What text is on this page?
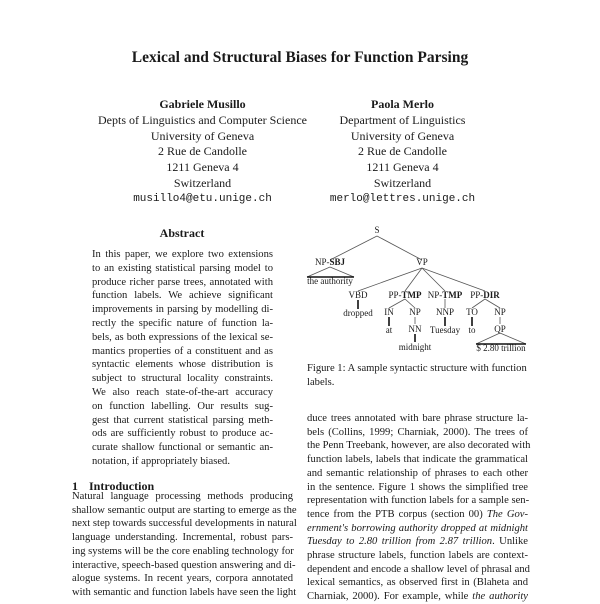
Lexical and Structural Biases for Function Parsing
Gabriele Musillo
Depts of Linguistics and Computer Science
University of Geneva
2 Rue de Candolle
1211 Geneva 4
Switzerland
musillo4@etu.unige.ch
Paola Merlo
Department of Linguistics
University of Geneva
2 Rue de Candolle
1211 Geneva 4
Switzerland
merlo@lettres.unige.ch
Abstract
In this paper, we explore two extensions
to an existing statistical parsing model to
produce richer parse trees, annotated with
function labels. We achieve significant
improvements in parsing by modelling di-
rectly the specific nature of function la-
bels, as both expressions of the lexical se-
mantics properties of a constituent and as
syntactic elements whose distribution is
subject to structural locality constraints.
We also reach state-of-the-art accuracy
on function labelling. Our results sug-
gest that current statistical parsing meth-
ods are sufficiently robust to produce ac-
curate shallow functional or semantic an-
notation, if appropriately biased.
1 Introduction
Natural language processing methods producing
shallow semantic output are starting to emerge as the
next step towards successful developments in natural
language understanding. Incremental, robust pars-
ing systems will be the core enabling technology for
interactive, speech-based question answering and di-
alogue systems. In recent years, corpora annotated
with semantic and function labels have seen the light
S
NP-SBJ
the authority
VP
VBD
dropped
PP-TMP
IN
at
NP
NN
midnight
NP-TMP
NNP
Tuesday
PP-DIR
TO
to
NP
QP
$ 2.80 trillion
Figure 1: A sample syntactic structure with function
labels.
duce trees annotated with bare phrase structure la-
bels (Collins, 1999; Charniak, 2000). The trees of
the Penn Treebank, however, are also decorated with
function labels, labels that indicate the grammatical
and semantic relationship of phrases to each other
in the sentence. Figure 1 shows the simplified tree
representation with function labels for a sample sen-
tence from the PTB corpus (section 00) The Gov-
ernment's borrowing authority dropped at midnight
Tuesday to 2.80 trillion from 2.87 trillion. Unlike
phrase structure labels, function labels are context-
dependent and encode a shallow level of phrasal and
lexical semantics, as observed first in (Blaheta and
Charniak, 2000). For example, while the authority
